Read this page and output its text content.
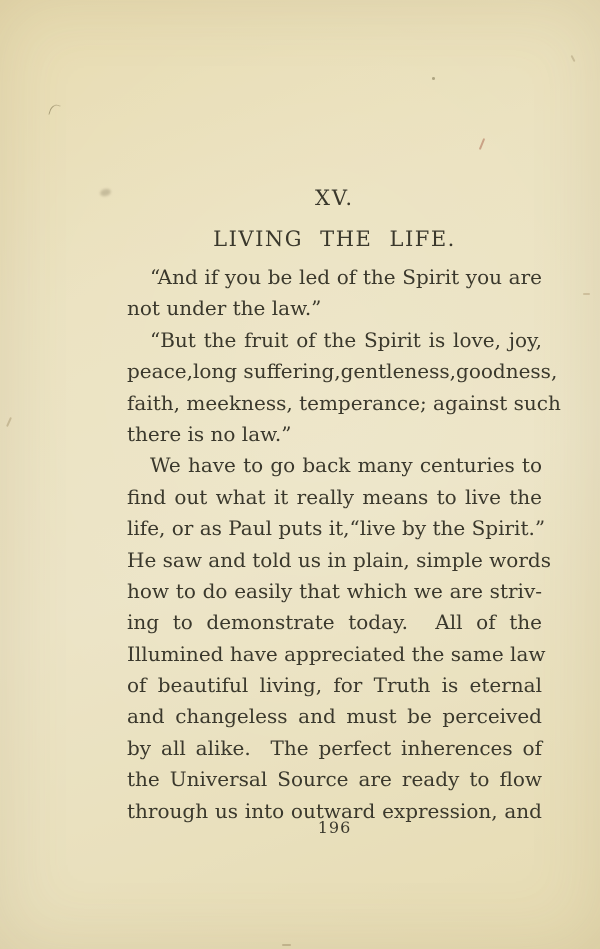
XV.
LIVING THE LIFE.
“And if you be led of the Spirit you are
not under the law.”
“But the fruit of the Spirit is love, joy,
peace,long suffering,gentleness,goodness,
faith, meekness, temperance; against such
there is no law.”
We have to go back many centuries to
find out what it really means to live the
life, or as Paul puts it,“live by the Spirit.”
He saw and told us in plain, simple words
how to do easily that which we are striv-
ing to demonstrate today.  All of the
Illumined have appreciated the same law
of beautiful living, for Truth is eternal
and changeless and must be perceived
by all alike.  The perfect inherences of
the Universal Source are ready to flow
through us into outward expression, and
196
